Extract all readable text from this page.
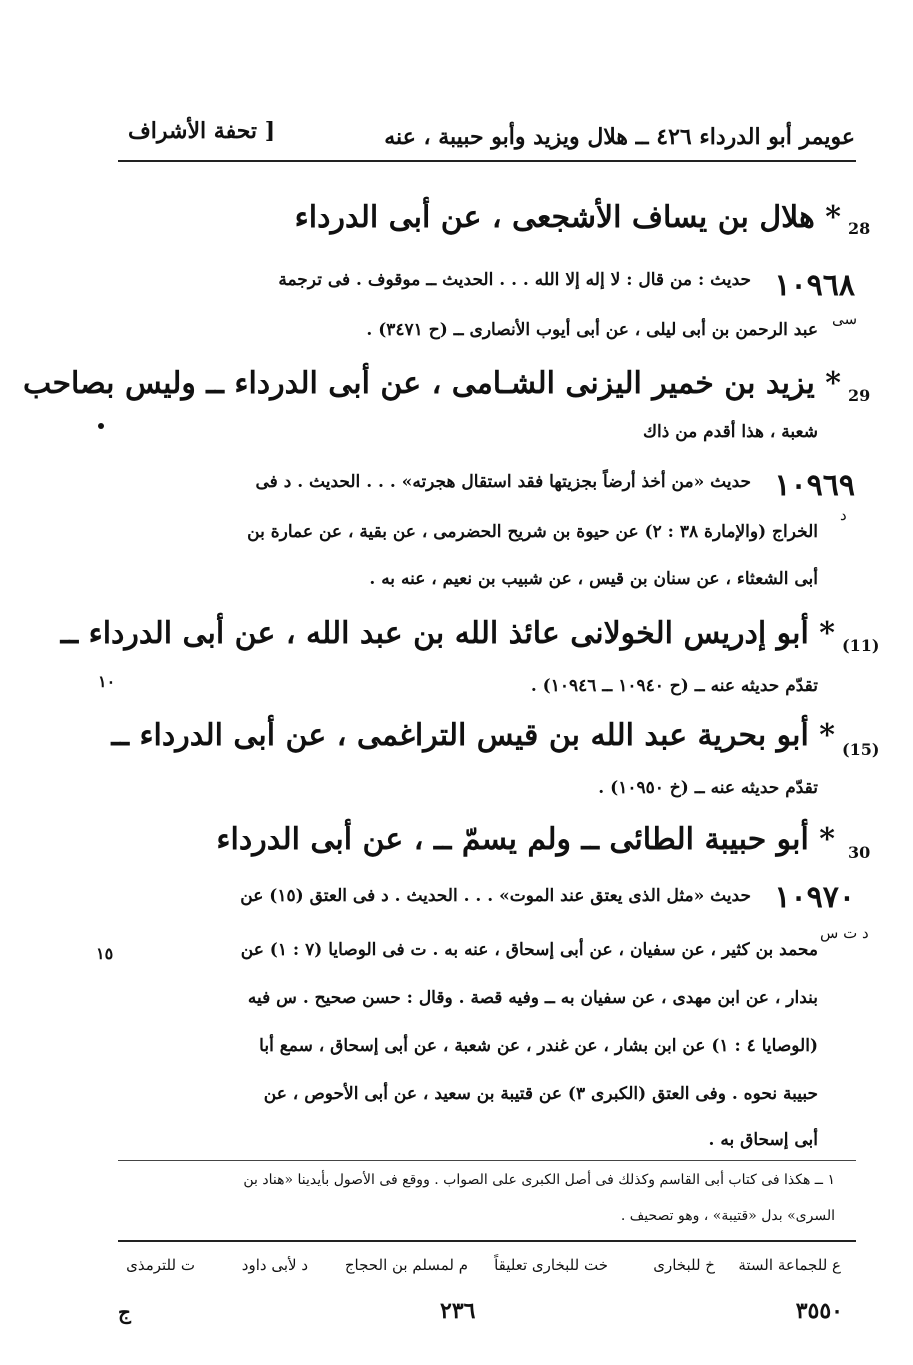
[ تحفة الأشراف	عويمر أبو الدرداء ٤٢٦ ــ هلال ويزيد وأبو حبيبة ، عنه
28
* هلال بن يساف الأشجعى ، عن أبى الدرداء
١٠٩٦٨
حديث : من قال : لا إله إلا الله . . . الحديث ــ موقوف . فى ترجمة
سى
عبد الرحمن بن أبى ليلى ، عن أبى أيوب الأنصارى ــ (ح ٣٤٧١) .
29
* يزيد بن خمير اليزنى الشـامى ، عن أبى الدرداء ــ وليس بصاحب
شعبة ، هذا أقدم من ذاك
١٠٩٦٩
حديث «من أخذ أرضاً بجزيتها فقد استقال هجرته» . . . الحديث . د فى
د
الخراج (والإمارة ٣٨ : ٢) عن حيوة بن شريح الحضرمى ، عن بقية ، عن عمارة بن
أبى الشعثاء ، عن سنان بن قيس ، عن شبيب بن نعيم ، عنه به .
(11)
* أبو إدريس الخولانى عائذ الله بن عبد الله ، عن أبى الدرداء ــ
١٠	تقدّم حديثه عنه ــ (ح ١٠٩٤٠ ــ ١٠٩٤٦) .
(15)
* أبو بحرية عبد الله بن قيس التراغمى ، عن أبى الدرداء ــ
تقدّم حديثه عنه ــ (خ ١٠٩٥٠) .
30
* أبو حبيبة الطائى ــ ولم يسمّ ــ ، عن أبى الدرداء
١٠٩٧٠
حديث «مثل الذى يعتق عند الموت» . . . الحديث . د فى العتق (١٥) عن
د ت س
١٥	محمد بن كثير ، عن سفيان ، عن أبى إسحاق ، عنه به . ت فى الوصايا (٧ : ١) عن
بندار ، عن ابن مهدى ، عن سفيان به ــ وفيه قصة . وقال : حسن صحيح . س فيه
(الوصايا ٤ : ١) عن ابن بشار ، عن غندر ، عن شعبة ، عن أبى إسحاق ، سمع أبا
حبيبة نحوه . وفى العتق (الكبرى ٣) عن قتيبة بن سعيد ، عن أبى الأحوص ، عن
أبى إسحاق به .
١ ــ هكذا فى كتاب أبى القاسم وكذلك فى أصل الكبرى على الصواب . ووقع فى الأصول بأيدينا «هناد بن
السرى» بدل «قتيبة» ، وهو تصحيف .
ع للجماعة الستة
خ للبخارى
خت للبخارى تعليقاً
م لمسلم بن الحجاج
د لأبى داود
ت للترمذى
ج	٢٣٦	٣٥٥٠
